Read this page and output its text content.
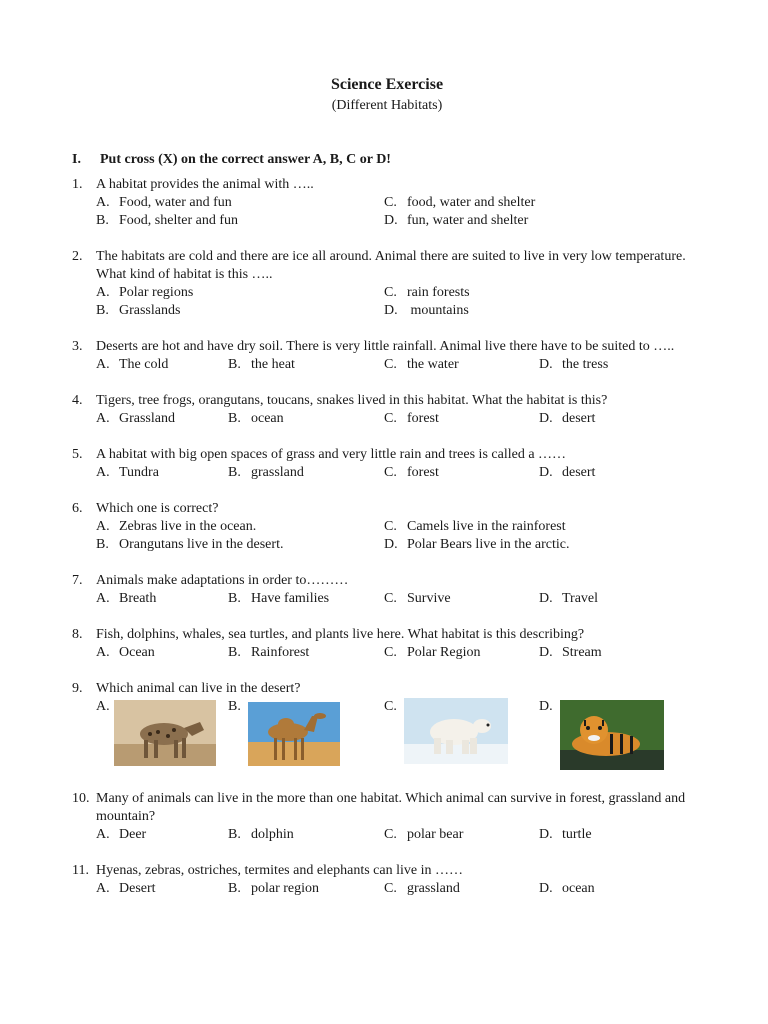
Science Exercise
(Different Habitats)
I. Put cross (X) on the correct answer A, B, C or D!
1. A habitat provides the animal with …..
A. Food, water and fun	C. food, water and shelter
B. Food, shelter and fun	D. fun, water and shelter
2. The habitats are cold and there are ice all around. Animal there are suited to live in very low temperature. What kind of habitat is this …..
A. Polar regions	C. rain forests
B. Grasslands	D. mountains
3. Deserts are hot and have dry soil. There is very little rainfall. Animal live there have to be suited to …..
A. The cold	B. the heat	C. the water	D. the tress
4. Tigers, tree frogs, orangutans, toucans, snakes lived in this habitat. What the habitat is this?
A. Grassland	B. ocean	C. forest	D. desert
5. A habitat with big open spaces of grass and very little rain and trees is called a ……
A. Tundra	B. grassland	C. forest	D. desert
6. Which one is correct?
A. Zebras live in the ocean.	C. Camels live in the rainforest
B. Orangutans live in the desert.	D. Polar Bears live in the arctic.
7. Animals make adaptations in order to………
A. Breath	B. Have families	C. Survive	D. Travel
8. Fish, dolphins, whales, sea turtles, and plants live here. What habitat is this describing?
A. Ocean	B. Rainforest	C. Polar Region	D. Stream
9. Which animal can live in the desert?
A.	B.	C.	D.
10. Many of animals can live in the more than one habitat. Which animal can survive in forest, grassland and mountain?
A. Deer	B. dolphin	C. polar bear	D. turtle
11. Hyenas, zebras, ostriches, termites and elephants can live in ……
A. Desert	B. polar region	C. grassland	D. ocean
